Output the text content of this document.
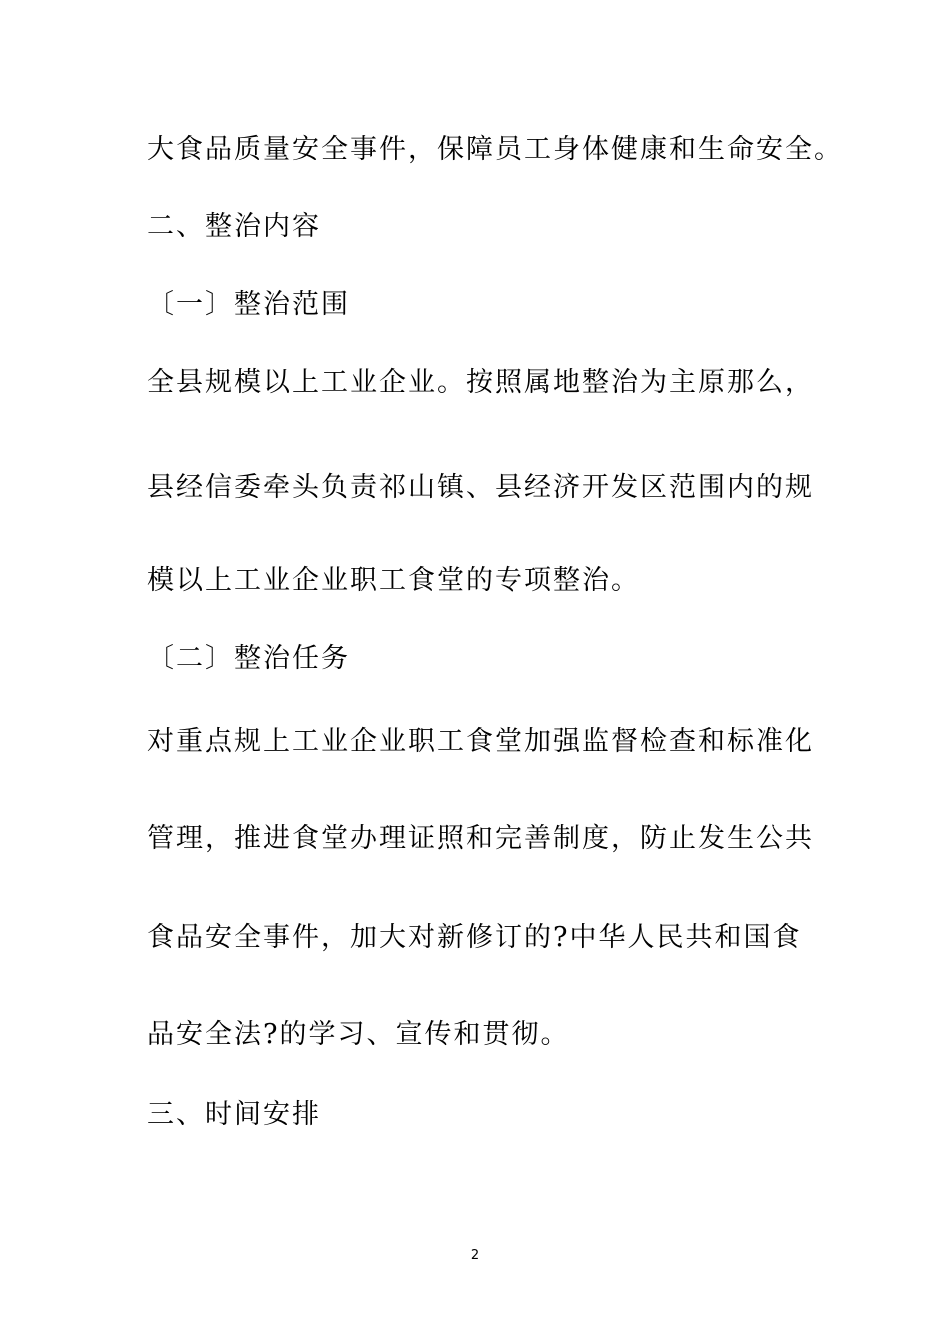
大食品质量安全事件，保障员工身体健康和生命安全。
二、整治内容
〔一〕整治范围
全县规模以上工业企业。按照属地整治为主原那么，
县经信委牵头负责祁山镇、县经济开发区范围内的规
模以上工业企业职工食堂的专项整治。
〔二〕整治任务
对重点规上工业企业职工食堂加强监督检查和标准化
管理，推进食堂办理证照和完善制度，防止发生公共
食品安全事件，加大对新修订的?中华人民共和国食
品安全法?的学习、宣传和贯彻。
三、时间安排
2
